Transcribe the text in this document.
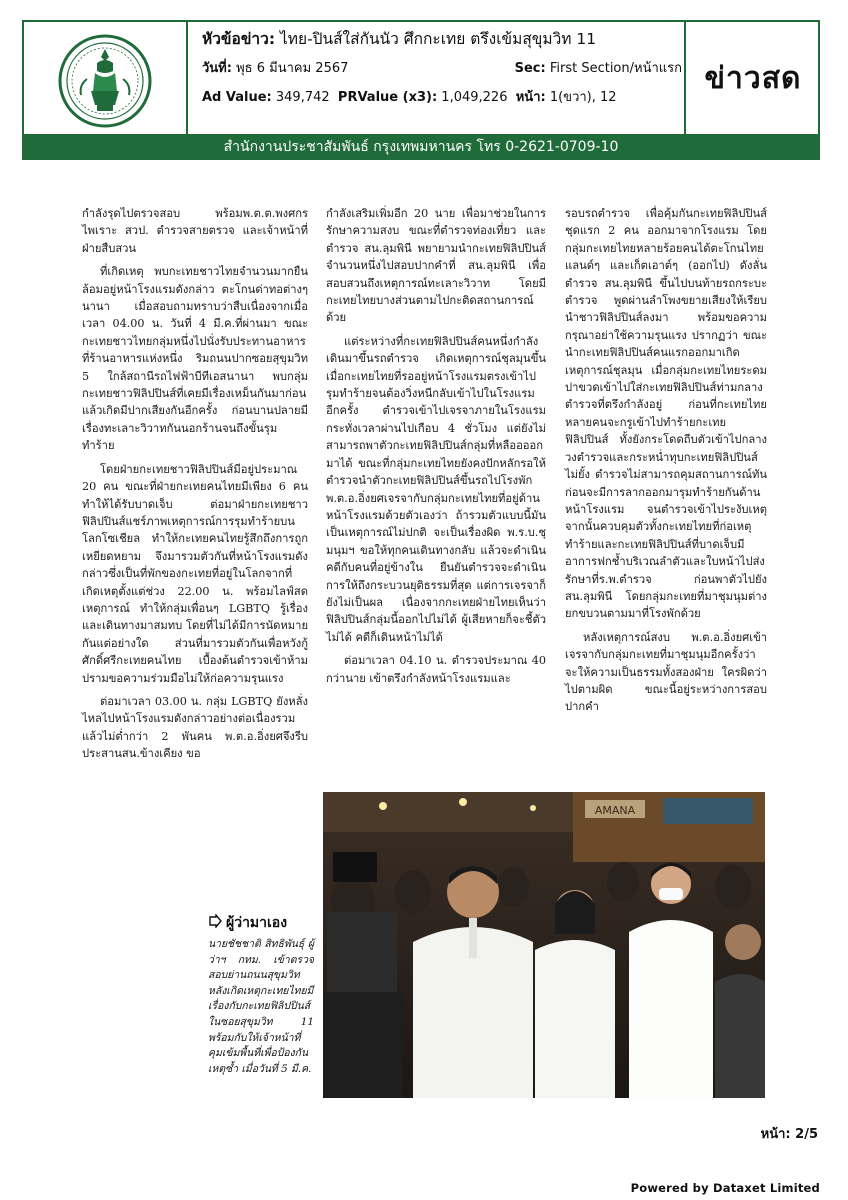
หัวข้อข่าว: ไทย-ปินส์ใส่กันนัว ศึกกะเทย ตรึงเข้มสุขุมวิท 11
วันที่: พุธ 6 มีนาคม 2567	Sec: First Section/หน้าแรก
Ad Value: 349,742 PRValue (x3): 1,049,226 หน้า: 1(ขวา), 12
ข่าวสด
สำนักงานประชาสัมพันธ์ กรุงเทพมหานคร โทร 0-2621-0709-10

กำลังรุดไปตรวจสอบ พร้อมพ.ต.ต.พงศกร ไพเราะ สวป. ตำรวจสายตรวจ และเจ้าหน้าที่ฝ่ายสืบสวน

ที่เกิดเหตุ พบกะเทยชาวไทยจำนวนมากยืนล้อมอยู่หน้าโรงแรมดังกล่าว ตะโกนด่าทอต่างๆ นานา เมื่อสอบถามทราบว่าสืบเนื่องจากเมื่อเวลา 04.00 น. วันที่ 4 มี.ค.ที่ผ่านมา ขณะกะเทยชาวไทยกลุ่มหนึ่งไปนั่งรับประทานอาหารที่ร้านอาหารแห่งหนึ่ง ริมถนนปากซอยสุขุมวิท 5 ใกล้สถานีรถไฟฟ้าบีทีเอสนานา พบกลุ่มกะเทยชาวฟิลิปปินส์ที่เคยมีเรื่องเหม็นกันมาก่อนแล้วเกิดมีปากเสียงกันอีกครั้ง ก่อนบานปลายมีเรื่องทะเลาะวิวาทกันนอกร้านจนถึงขั้นรุมทำร้าย

โดยฝ่ายกะเทยชาวฟิลิปปินส์มีอยู่ประมาณ 20 คน ขณะที่ฝ่ายกะเทยคนไทยมีเพียง 6 คน ทำให้ได้รับบาดเจ็บ ต่อมาฝ่ายกะเทยชาวฟิลิปปินส์แชร์ภาพเหตุการณ์การรุมทำร้ายบนโลกโซเชียล ทำให้กะเทยคนไทยรู้สึกถึงการถูกเหยียดหยาม จึงมารวมตัวกันที่หน้าโรงแรมดังกล่าวซึ่งเป็นที่พักของกะเทยที่อยู่ในโลกจากที่เกิดเหตุตั้งแต่ช่วง 22.00 น. พร้อมไลฟ์สดเหตุการณ์ ทำให้กลุ่มเพื่อนๆ LGBTQ รู้เรื่องและเดินทางมาสมทบ โดยที่ไม่ได้มีการนัดหมายกันแต่อย่างใด ส่วนที่มารวมตัวกันเพื่อหวังกู้ศักดิ์ศรีกะเทยคนไทย เบื้องต้นตำรวจเข้าห้ามปรามขอความร่วมมือไม่ให้ก่อความรุนแรง

ต่อมาเวลา 03.00 น. กลุ่ม LGBTQ ยังหลั่งไหลไปหน้าโรงแรมดังกล่าวอย่างต่อเนื่องรวมแล้วไม่ต่ำกว่า 2 พันคน พ.ต.อ.อิ่งยศจึงรีบประสานสน.ข้างเคียง ขอ

กำลังเสริมเพิ่มอีก 20 นาย เพื่อมาช่วยในการรักษาความสงบ ขณะที่ตำรวจท่องเที่ยว และตำรวจ สน.ลุมพินี พยายามนำกะเทยฟิลิปปินส์จำนวนหนึ่งไปสอบปากคำที่ สน.ลุมพินี เพื่อสอบสวนถึงเหตุการณ์ทะเลาะวิวาท โดยมีกะเทยไทยบางส่วนตามไปกะติดสถานการณ์ด้วย

แต่ระหว่างที่กะเทยฟิลิปปินส์คนหนึ่งกำลังเดินมาขึ้นรถตำรวจ เกิดเหตุการณ์ชุลมุนขึ้น เมื่อกะเทยไทยที่รออยู่หน้าโรงแรมตรงเข้าไปรุมทำร้ายจนต้องวิ่งหนีกลับเข้าไปในโรงแรมอีกครั้ง ตำรวจเข้าไปเจรจาภายในโรงแรมกระทั่งเวลาผ่านไปเกือบ 4 ชั่วโมง แต่ยังไม่สามารถพาตัวกะเทยฟิลิปปินส์กลุ่มที่หลืออออกมาได้ ขณะที่กลุ่มกะเทยไทยยังคงปักหลักรอให้ตำรวจนำตัวกะเทยฟิลิปปินส์ขึ้นรถไปโรงพัก พ.ต.อ.อิ่งยศเจรจากับกลุ่มกะเทยไทยที่อยู่ด้านหน้าโรงแรมด้วยตัวเองว่า ถ้ารวมตัวแบบนี้มันเป็นเหตุการณ์ไม่ปกติ จะเป็นเรื่องผิด พ.ร.บ.ชุมนุมฯ ขอให้ทุกคนเดินทางกลับ แล้วจะดำเนินคดีกับคนที่อยู่ข้างใน ยืนยันตำรวจจะดำเนินการให้ถึงกระบวนยุติธรรมที่สุด แต่การเจรจาก็ยังไม่เป็นผล เนื่องจากกะเทยฝ่ายไทยเห็นว่าฟิลิปปินส์กลุ่มนี้ออกไปไม่ได้ ผู้เสียหายก็จะชี้ตัวไม่ได้ คดีก็เดินหน้าไม่ได้

ต่อมาเวลา 04.10 น. ตำรวจประมาณ 40 กว่านาย เข้าตรึงกำลังหน้าโรงแรมและ

รอบรถตำรวจ เพื่อคุ้มกันกะเทยฟิลิปปินส์ชุดแรก 2 คน ออกมาจากโรงแรม โดยกลุ่มกะเทยไทยหลายร้อยคนได้ตะโกนไทยแลนด์ๆ และเก็ตเอาต์ๆ (ออกไป) ดังลั่น ตำรวจ สน.ลุมพินี ขึ้นไปบนท้ายรถกระบะตำรวจ พูดผ่านลำโพงขยายเสียงให้เรียบนำชาวฟิลิปปินส์ลงมา พร้อมขอความกรุณาอย่าใช้ความรุนแรง ปรากฏว่า ขณะนำกะเทยฟิลิปปินส์คนแรกออกมาเกิดเหตุการณ์ชุลมุน เมื่อกลุ่มกะเทยไทยระดมปาขวดเข้าไปใส่กะเทยฟิลิปปินส์ท่ามกลางตำรวจที่ตรึงกำลังอยู่ ก่อนที่กะเทยไทยหลายคนจะกรูเข้าไปทำร้ายกะเทยฟิลิปปินส์ ทั้งยังกระโดดถีบตัวเข้าไปกลางวงตำรวจและกระหน่ำทุบกะเทยฟิลิปปินส์ไม่ยั้ง ตำรวจไม่สามารถคุมสถานการณ์ทัน ก่อนจะมีการลากออกมารุมทำร้ายกันด้านหน้าโรงแรม จนตำรวจเข้าไประงับเหตุ จากนั้นควบคุมตัวทั้งกะเทยไทยที่ก่อเหตุทำร้ายและกะเทยฟิลิปปินส์ที่บาดเจ็บมีอาการฟกช้ำบริเวณลำตัวและใบหน้าไปส่งรักษาที่ร.พ.ตำรวจ ก่อนพาตัวไปยัง สน.ลุมพินี โดยกลุ่มกะเทยที่มาชุมนุมต่างยกขบวนตามมาที่โรงพักด้วย

หลังเหตุการณ์สงบ พ.ต.อ.อิ่งยศเข้าเจรจากับกลุ่มกะเทยที่มาชุมนุมอีกครั้งว่า จะให้ความเป็นธรรมทั้งสองฝ่าย ใครผิดว่าไปตามผิด ขณะนี้อยู่ระหว่างการสอบปากคำ

AMANA
ผู้ว่ามาเอง
นายชัชชาติ สิทธิพันธุ์ ผู้ว่าฯ กทม. เข้าตรวจสอบย่านถนนสุขุมวิท หลังเกิดเหตุกะเทยไทยมีเรื่องกับกะเทยฟิลิปปินส์ในซอยสุขุมวิท 11 พร้อมกับให้เจ้าหน้าที่คุมเข้มพื้นที่เพื่อป้องกันเหตุซ้ำ เมื่อวันที่ 5 มี.ค.
หน้า: 2/5
Powered by Dataxet Limited
